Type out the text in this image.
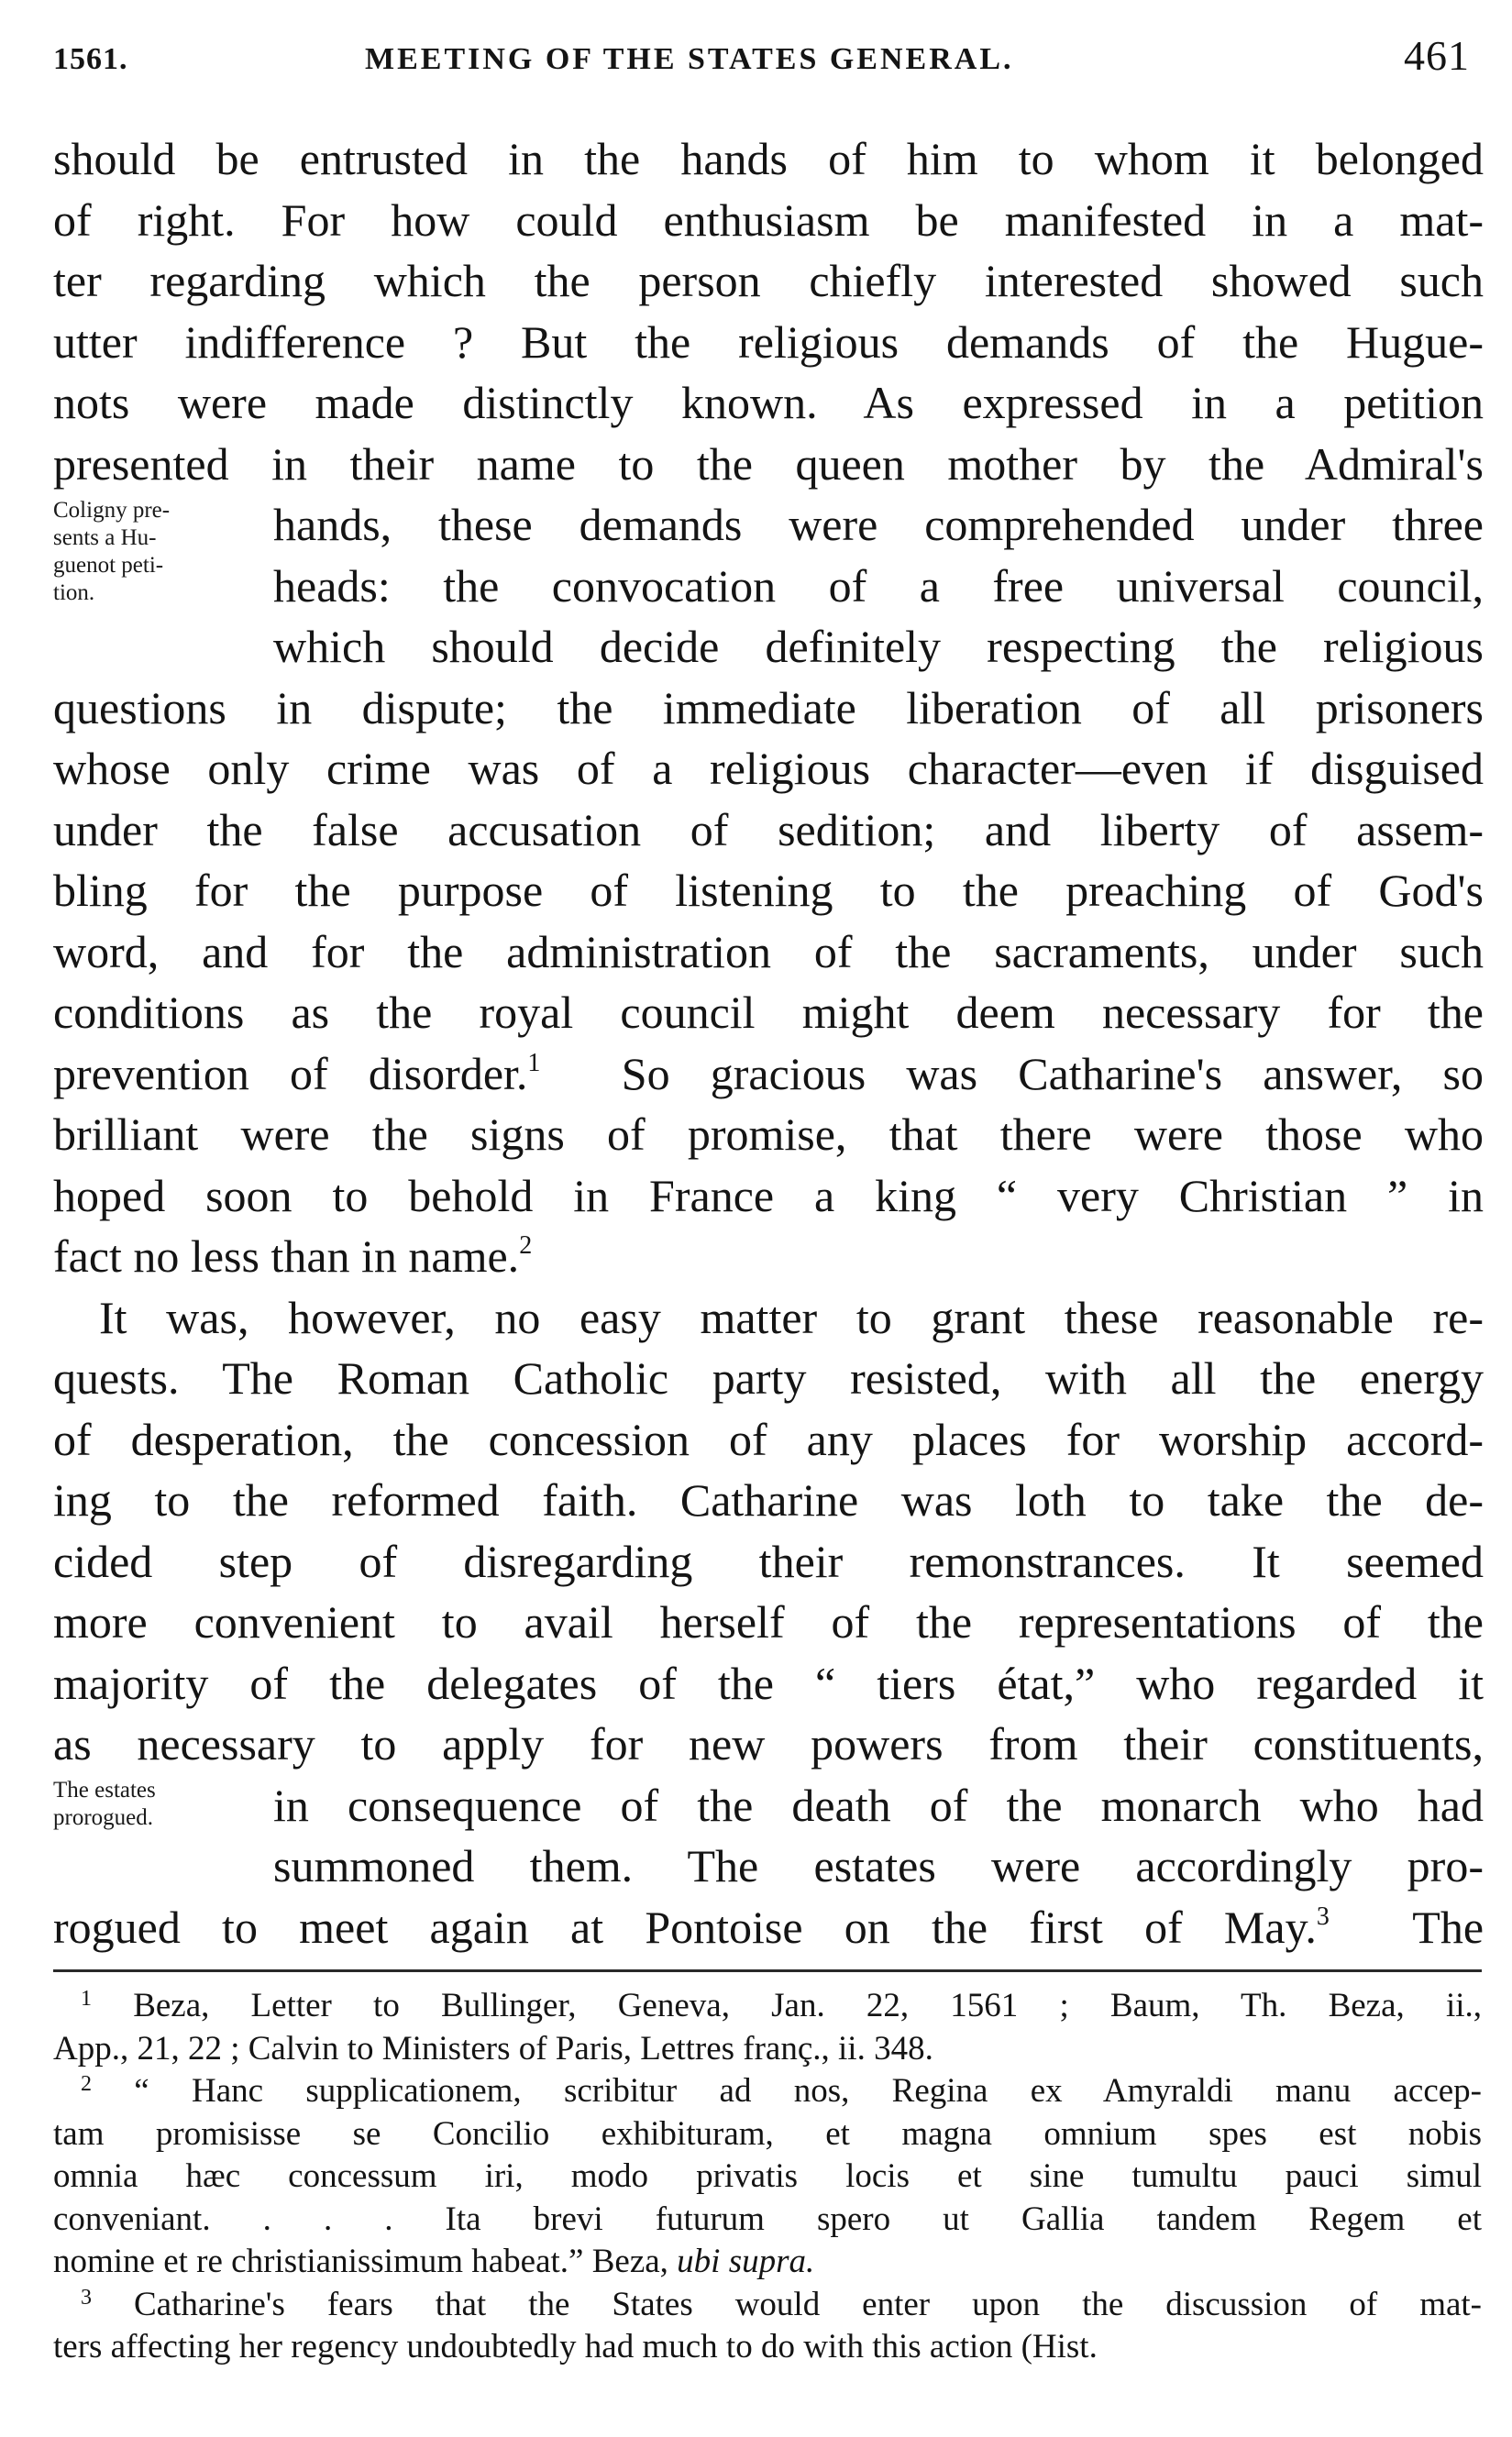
1561.	MEETING OF THE STATES GENERAL.	461
should be entrusted in the hands of him to whom it belonged
of right. For how could enthusiasm be manifested in a mat-
ter regarding which the person chiefly interested showed such
utter indifference ? But the religious demands of the Hugue-
nots were made distinctly known. As expressed in a petition
presented in their name to the queen mother by the Admiral's
hands, these demands were comprehended under three
heads: the convocation of a free universal council,
which should decide definitely respecting the religious
questions in dispute; the immediate liberation of all prisoners
whose only crime was of a religious character—even if disguised
under the false accusation of sedition; and liberty of assem-
bling for the purpose of listening to the preaching of God's
word, and for the administration of the sacraments, under such
conditions as the royal council might deem necessary for the
prevention of disorder.$^1$ So gracious was Catharine's answer, so
brilliant were the signs of promise, that there were those who
hoped soon to behold in France a king “ very Christian ” in
fact no less than in name.$^2$
It was, however, no easy matter to grant these reasonable re-
quests. The Roman Catholic party resisted, with all the energy
of desperation, the concession of any places for worship accord-
ing to the reformed faith. Catharine was loth to take the de-
cided step of disregarding their remonstrances. It seemed
more convenient to avail herself of the representations of the
majority of the delegates of the “ tiers état,” who regarded it
as necessary to apply for new powers from their constituents,
in consequence of the death of the monarch who had
summoned them. The estates were accordingly pro-
rogued to meet again at Pontoise on the first of May.$^3$ The
Coligny pre-
sents a Hu-
guenot peti-
tion.
The estates
prorogued.
$^1$ Beza, Letter to Bullinger, Geneva, Jan. 22, 1561 ; Baum, Th. Beza, ii.,
App., 21, 22 ; Calvin to Ministers of Paris, Lettres franç., ii. 348.
$^2$ “ Hanc supplicationem, scribitur ad nos, Regina ex Amyraldi manu accep-
tam promisisse se Concilio exhibituram, et magna omnium spes est nobis
omnia hæc concessum iri, modo privatis locis et sine tumultu pauci simul
conveniant. . . . Ita brevi futurum spero ut Gallia tandem Regem et
nomine et re christianissimum habeat.” Beza, ubi supra.
$^3$ Catharine's fears that the States would enter upon the discussion of mat-
ters affecting her regency undoubtedly had much to do with this action (Hist.
